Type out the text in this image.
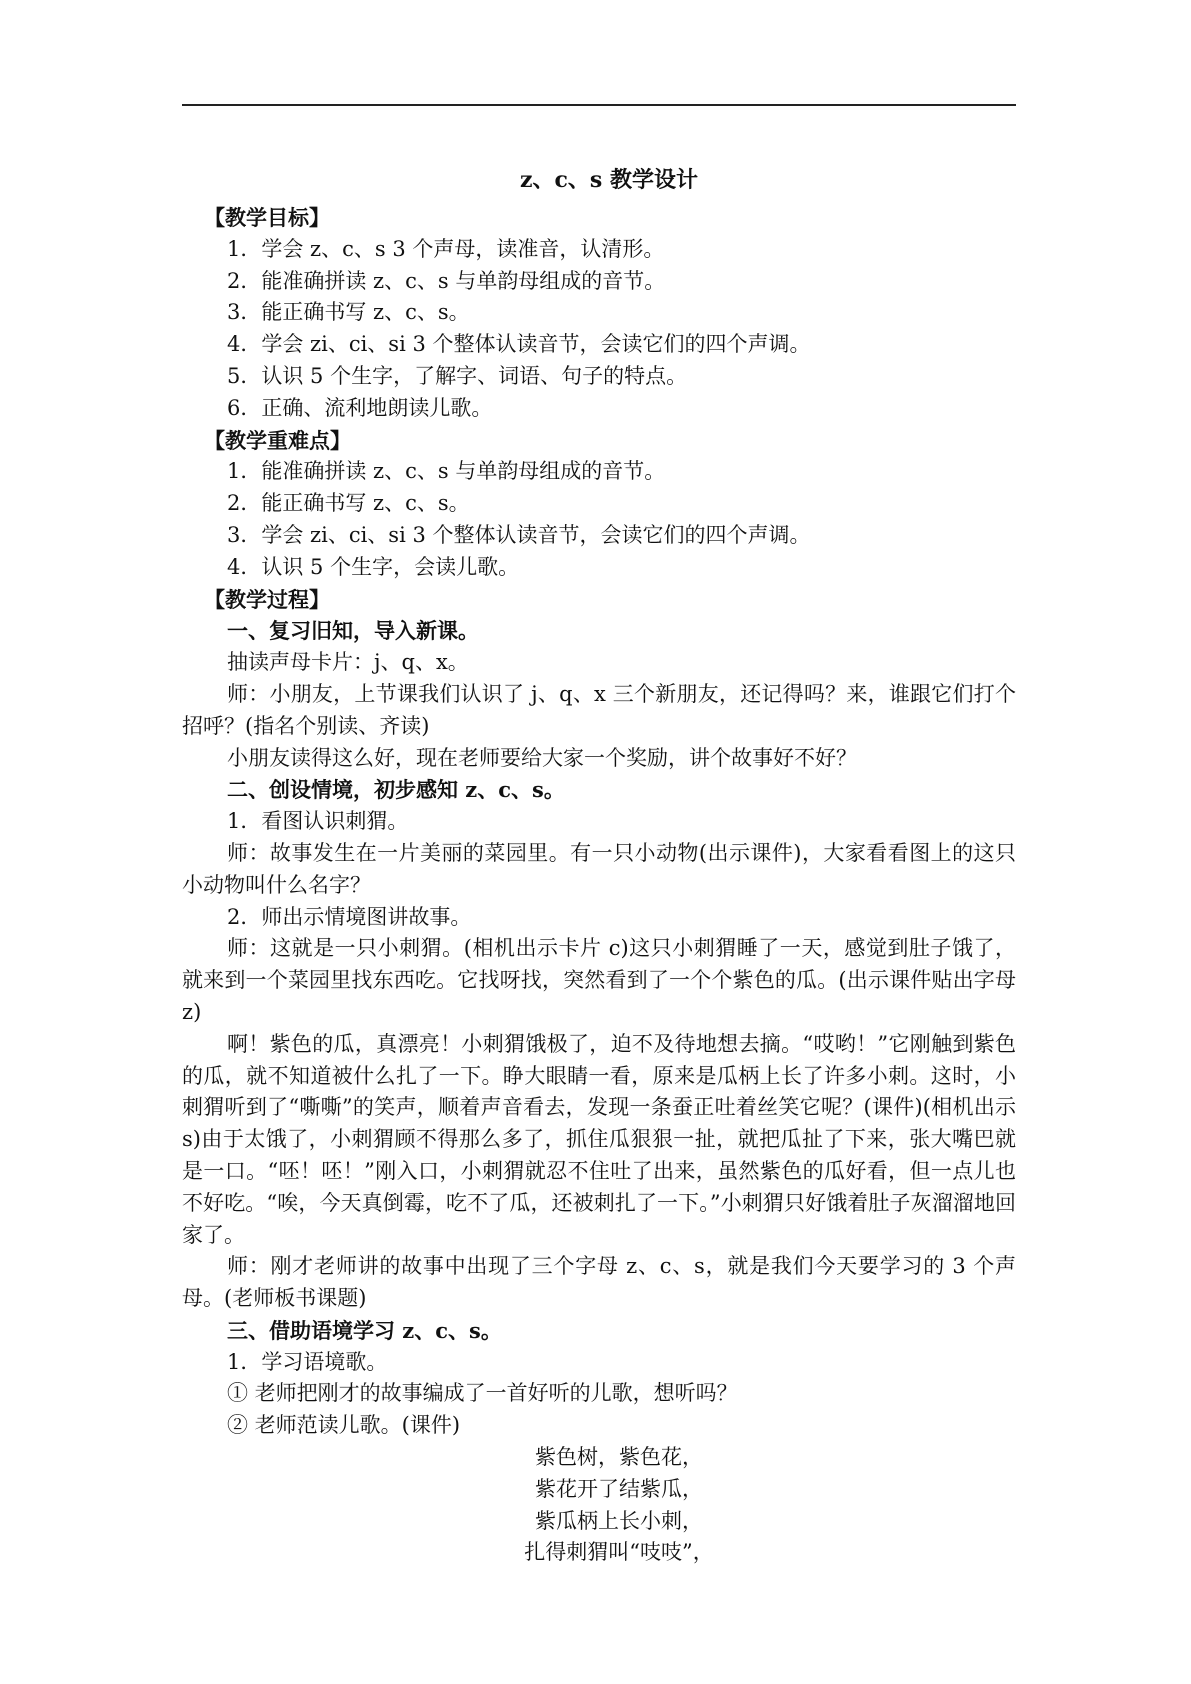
z、c、s 教学设计
【教学目标】
1．学会 z、c、s 3 个声母，读准音，认清形。
2．能准确拼读 z、c、s 与单韵母组成的音节。
3．能正确书写 z、c、s。
4．学会 zi、ci、si 3 个整体认读音节，会读它们的四个声调。
5．认识 5 个生字，了解字、词语、句子的特点。
6．正确、流利地朗读儿歌。
【教学重难点】
1．能准确拼读 z、c、s 与单韵母组成的音节。
2．能正确书写 z、c、s。
3．学会 zi、ci、si 3 个整体认读音节，会读它们的四个声调。
4．认识 5 个生字，会读儿歌。
【教学过程】
一、复习旧知，导入新课。
抽读声母卡片：j、q、x。
师：小朋友，上节课我们认识了 j、q、x 三个新朋友，还记得吗？来，谁跟它们打个招呼？(指名个别读、齐读)
小朋友读得这么好，现在老师要给大家一个奖励，讲个故事好不好？
二、创设情境，初步感知 z、c、s。
1．看图认识刺猬。
师：故事发生在一片美丽的菜园里。有一只小动物(出示课件)，大家看看图上的这只小动物叫什么名字？
2．师出示情境图讲故事。
师：这就是一只小刺猬。(相机出示卡片 c)这只小刺猬睡了一天，感觉到肚子饿了，就来到一个菜园里找东西吃。它找呀找，突然看到了一个个紫色的瓜。(出示课件贴出字母 z)
啊！紫色的瓜，真漂亮！小刺猬饿极了，迫不及待地想去摘。“哎哟！”它刚触到紫色的瓜，就不知道被什么扎了一下。睁大眼睛一看，原来是瓜柄上长了许多小刺。这时，小刺猬听到了“嘶嘶”的笑声，顺着声音看去，发现一条蚕正吐着丝笑它呢？(课件)(相机出示 s)由于太饿了，小刺猬顾不得那么多了，抓住瓜狠狠一扯，就把瓜扯了下来，张大嘴巴就是一口。“呸！呸！”刚入口，小刺猬就忍不住吐了出来，虽然紫色的瓜好看，但一点儿也不好吃。“唉，今天真倒霉，吃不了瓜，还被刺扎了一下。”小刺猬只好饿着肚子灰溜溜地回家了。
师：刚才老师讲的故事中出现了三个字母 z、c、s，就是我们今天要学习的 3 个声母。(老师板书课题)
三、借助语境学习 z、c、s。
1．学习语境歌。
① 老师把刚才的故事编成了一首好听的儿歌，想听吗？
② 老师范读儿歌。(课件)
紫色树，紫色花，
紫花开了结紫瓜，
紫瓜柄上长小刺，
扎得刺猬叫“吱吱”，
